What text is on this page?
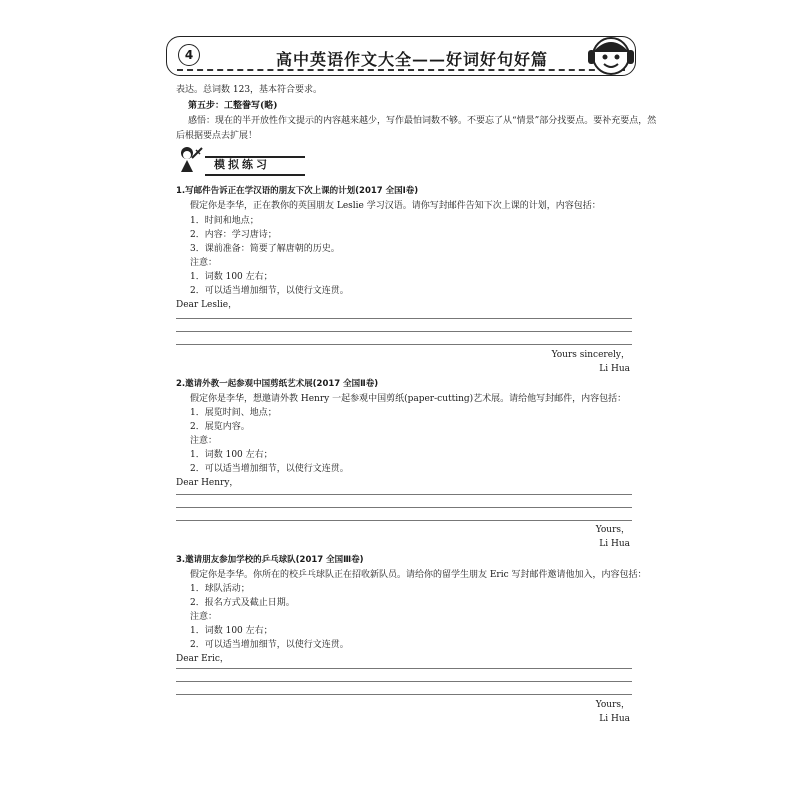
4	高中英语作文大全——好词好句好篇
表达。总词数 123，基本符合要求。
第五步：工整誊写(略)
感悟：现在的半开放性作文提示的内容越来越少，写作最怕词数不够。不要忘了从“情景”部分找要点。要补充要点，然
后根据要点去扩展！
模拟练习
1.写邮件告诉正在学汉语的朋友下次上课的计划(2017 全国Ⅰ卷)
假定你是李华，正在教你的英国朋友 Leslie 学习汉语。请你写封邮件告知下次上课的计划，内容包括：
1．时间和地点；
2．内容：学习唐诗；
3．课前准备：简要了解唐朝的历史。
注意：
1．词数 100 左右；
2．可以适当增加细节，以使行文连贯。
Dear Leslie，
Yours sincerely，
Li Hua
2.邀请外教一起参观中国剪纸艺术展(2017 全国Ⅱ卷)
假定你是李华，想邀请外教 Henry 一起参观中国剪纸(paper-cutting)艺术展。请给他写封邮件，内容包括：
1．展览时间、地点；
2．展览内容。
注意：
1．词数 100 左右；
2．可以适当增加细节，以使行文连贯。
Dear Henry，
Yours，
Li Hua
3.邀请朋友参加学校的乒乓球队(2017 全国Ⅲ卷)
假定你是李华。你所在的校乒乓球队正在招收新队员。请给你的留学生朋友 Eric 写封邮件邀请他加入，内容包括：
1．球队活动；
2．报名方式及截止日期。
注意：
1．词数 100 左右；
2．可以适当增加细节，以使行文连贯。
Dear Eric，
Yours，
Li Hua
